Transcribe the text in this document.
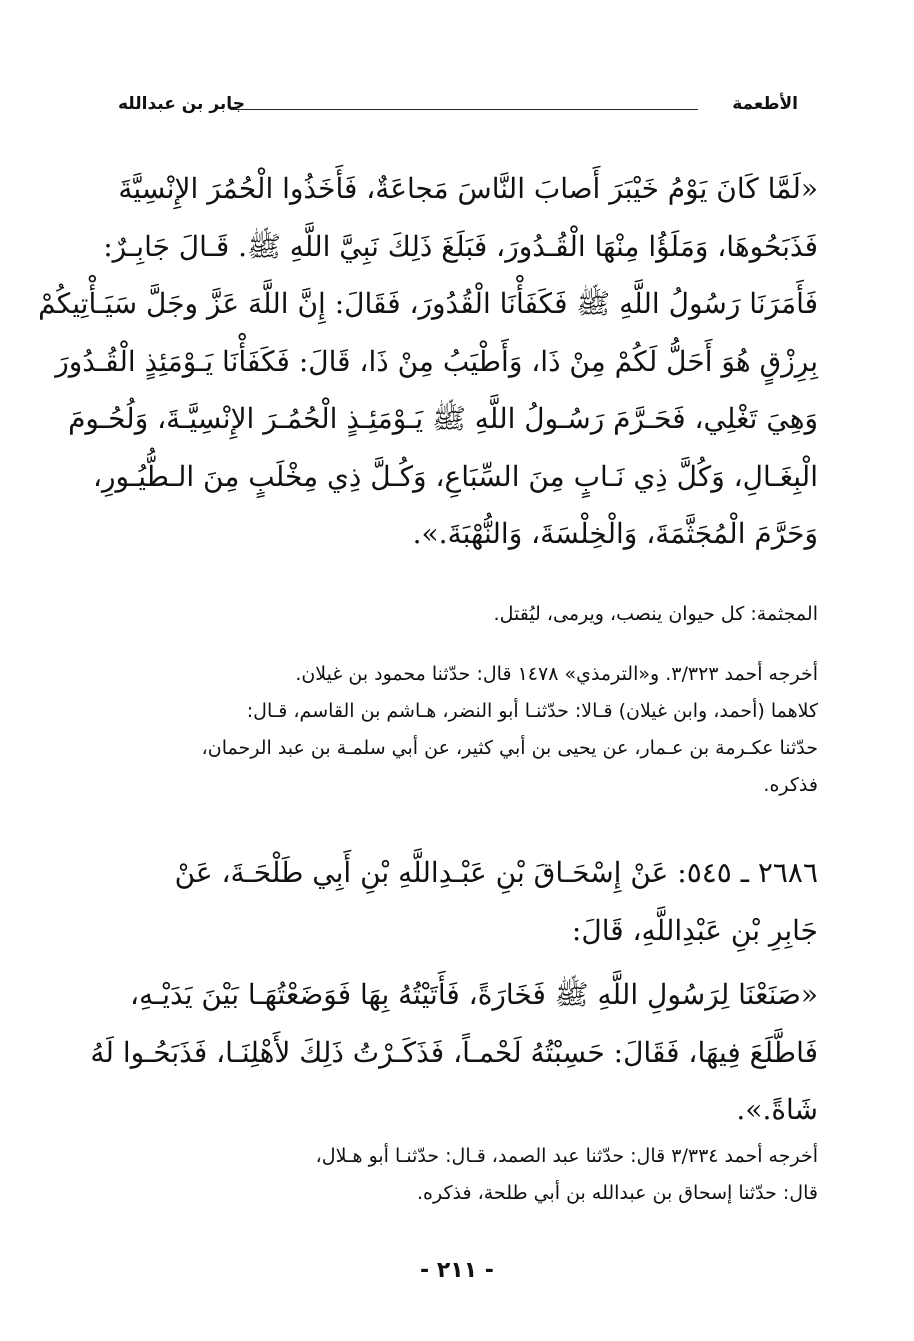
الأطعمة
جابر بن عبدالله
«لَمَّا كَانَ يَوْمُ خَيْبَرَ أَصابَ النَّاسَ مَجاعَةٌ، فَأَخَذُوا الْحُمُرَ الإِنْسِيَّةَ
فَذَبَحُوهَا، وَمَلَؤُا مِنْهَا الْقُـدُورَ، فَبَلَغَ ذَلِكَ نَبِيَّ اللَّهِ ﷺ. قَـالَ جَابِـرٌ:
فَأَمَرَنَا رَسُولُ اللَّهِ ﷺ فَكَفَأْنَا الْقُدُورَ، فَقَالَ: إِنَّ اللَّهَ عَزَّ وجَلَّ سَيَـأْتِيكُمْ
بِرِزْقٍ هُوَ أَحَلُّ لَكُمْ مِنْ ذَا، وَأَطْيَبُ مِنْ ذَا، قَالَ: فَكَفَأْنَا يَـوْمَئِذٍ الْقُـدُورَ
وَهِيَ تَغْلِي، فَحَـرَّمَ رَسُـولُ اللَّهِ ﷺ يَـوْمَئِـذٍ الْحُمُـرَ الإِنْسِيَّـةَ، وَلُحُـومَ
الْبِغَـالِ، وَكُلَّ ذِي نَـابٍ مِنَ السِّبَاعِ، وَكُـلَّ ذِي مِخْلَبٍ مِنَ الـطُّيُـورِ،
وَحَرَّمَ الْمُجَثَّمَةَ، وَالْخِلْسَةَ، وَالنُّهْبَةَ.».
المجثمة: كل حيوان ينصب، ويرمى، ليُقتل.
أخرجه أحمد ٣/٣٢٣. و«الترمذي» ١٤٧٨ قال: حدّثنا محمود بن غيلان.
كلاهما (أحمد، وابن غيلان) قـالا: حدّثنـا أبو النضر، هـاشم بن القاسم، قـال:
حدّثنا عكـرمة بن عـمار، عن يحيى بن أبي كثير، عن أبي سلمـة بن عبد الرحمان،
فذكره.
٢٦٨٦ ـ ٥٤٥: عَنْ إِسْحَـاقَ بْنِ عَبْـدِاللَّهِ بْنِ أَبِي طَلْحَـةَ، عَنْ
جَابِرِ بْنِ عَبْدِاللَّهِ، قَالَ:
«صَنَعْنَا لِرَسُولِ اللَّهِ ﷺ فَخَارَةً، فَأَتَيْتُهُ بِهَا فَوَضَعْتُهَـا بَيْنَ يَدَيْـهِ،
فَاطَّلَعَ فِيهَا، فَقَالَ: حَسِبْتُهُ لَحْمـاً، فَذَكَـرْتُ ذَلِكَ لأَهْلِنَـا، فَذَبَحُـوا لَهُ
شَاةً.».
أخرجه أحمد ٣/٣٣٤ قال: حدّثنا عبد الصمد، قـال: حدّثنـا أبو هـلال،
قال: حدّثنا إسحاق بن عبدالله بن أبي طلحة، فذكره.
- ٢١١ -
